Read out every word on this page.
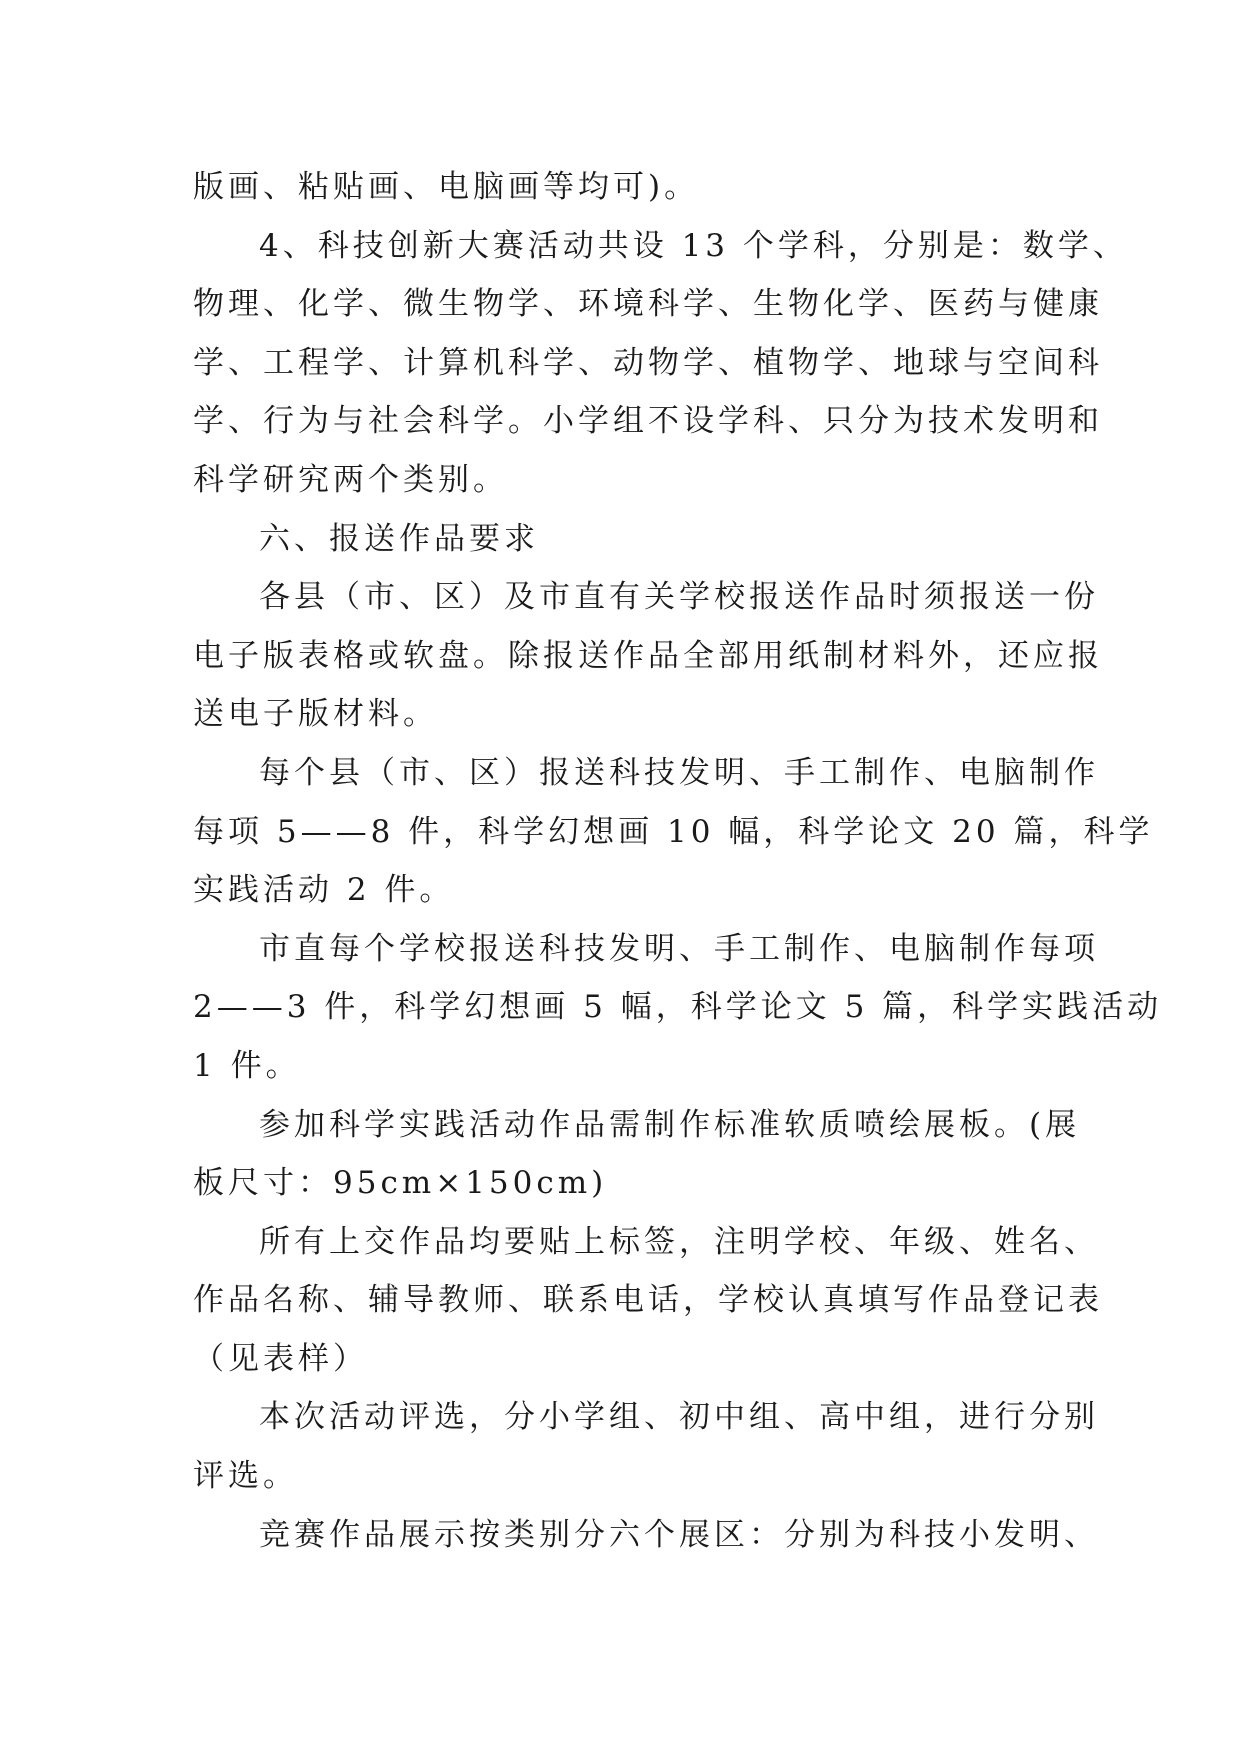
版画、粘贴画、电脑画等均可)。
4、科技创新大赛活动共设 13 个学科，分别是：数学、
物理、化学、微生物学、环境科学、生物化学、医药与健康
学、工程学、计算机科学、动物学、植物学、地球与空间科
学、行为与社会科学。小学组不设学科、只分为技术发明和
科学研究两个类别。
六、报送作品要求
各县（市、区）及市直有关学校报送作品时须报送一份
电子版表格或软盘。除报送作品全部用纸制材料外，还应报
送电子版材料。
每个县（市、区）报送科技发明、手工制作、电脑制作
每项 5——8 件，科学幻想画 10 幅，科学论文 20 篇，科学
实践活动 2 件。
市直每个学校报送科技发明、手工制作、电脑制作每项
2——3 件，科学幻想画 5 幅，科学论文 5 篇，科学实践活动
1 件。
参加科学实践活动作品需制作标准软质喷绘展板。(展
板尺寸：95cm×150cm)
所有上交作品均要贴上标签，注明学校、年级、姓名、
作品名称、辅导教师、联系电话，学校认真填写作品登记表
（见表样）
本次活动评选，分小学组、初中组、高中组，进行分别
评选。
竞赛作品展示按类别分六个展区：分别为科技小发明、
